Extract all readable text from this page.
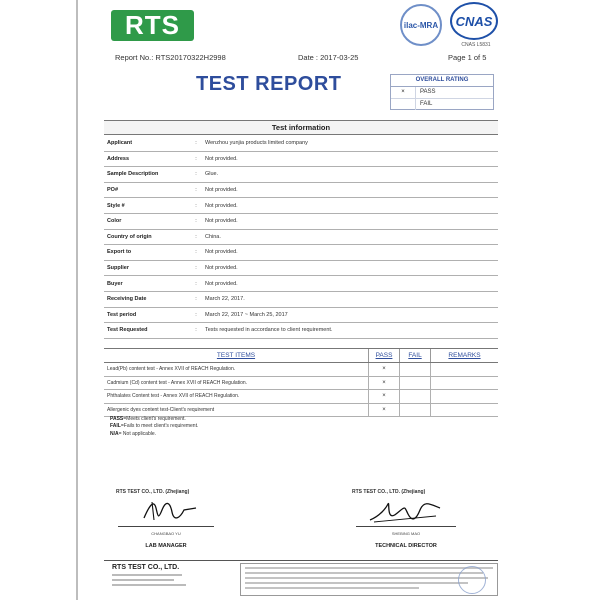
RTS	ilac-MRA	CNAS
CNAS L5831
Report No.: RTS20170322H2998	Date : 2017-03-25	Page 1 of 5
TEST REPORT	OVERALL RATING
×	PASS
FAIL
Test information
Applicant	:	Wenzhou yunjia products limited company
Address	:	Not provided.
Sample Description	:	Glue.
PO#	:	Not provided.
Style #	:	Not provided.
Color	:	Not provided.
Country of origin	:	China.
Export to	:	Not provided.
Supplier	:	Not provided.
Buyer	:	Not provided.
Receiving Date	:	March 22, 2017.
Test period	:	March 22, 2017 ~ March 25, 2017
Test Requested	:	Tests requested in accordance to client requirement.
TEST ITEMS	PASS	FAIL	REMARKS
Lead(Pb) content test - Annex XVII of REACH Regulation.	×		
Cadmium (Cd) content test - Annex XVII of REACH Regulation.	×		
Phthalates Content test - Annex XVII of REACH Regulation.	×		
Allergenic dyes content test-Client's requirement	×		
PASS=Meets client's requirement.
FAIL=Fails to meet client's requirement.
N/A= Not applicable.
RTS TEST CO., LTD. (Zhejiang)
CHANGBAO YU
LAB MANAGER
RTS TEST CO., LTD. (Zhejiang)
SHEBING MAO
TECHNICAL DIRECTOR
RTS TEST CO., LTD.
